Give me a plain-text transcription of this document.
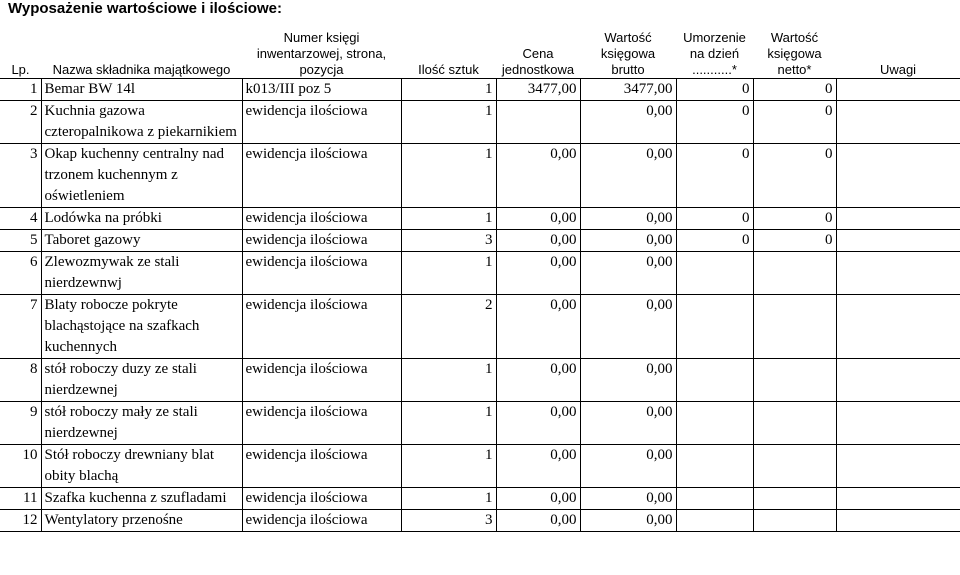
Wyposażenie wartościowe i ilościowe:
Lp.	Nazwa składnika majątkowego	Numer księgi inwentarzowej, strona, pozycja	Ilość sztuk	Cena jednostkowa	Wartość księgowa brutto	Umorzenie na dzień ...........*	Wartość księgowa netto*	Uwagi
1	Bemar BW 14l	k013/III poz 5	1	3477,00	3477,00	0	0	
2	Kuchnia gazowa czteropalnikowa z piekarnikiem	ewidencja ilościowa	1		0,00	0	0	
3	Okap kuchenny centralny nad trzonem kuchennym z oświetleniem	ewidencja ilościowa	1	0,00	0,00	0	0	
4	Lodówka na próbki	ewidencja ilościowa	1	0,00	0,00	0	0	
5	Taboret gazowy	ewidencja ilościowa	3	0,00	0,00	0	0	
6	Zlewozmywak ze stali nierdzewnwj	ewidencja ilościowa	1	0,00	0,00			
7	Blaty robocze pokryte blachąstojące na szafkach kuchennych	ewidencja ilościowa	2	0,00	0,00			
8	stół roboczy duzy ze stali nierdzewnej	ewidencja ilościowa	1	0,00	0,00			
9	stół roboczy mały ze stali nierdzewnej	ewidencja ilościowa	1	0,00	0,00			
10	Stół roboczy drewniany blat obity blachą	ewidencja ilościowa	1	0,00	0,00			
11	Szafka kuchenna z szufladami	ewidencja ilościowa	1	0,00	0,00			
12	Wentylatory przenośne	ewidencja ilościowa	3	0,00	0,00			
